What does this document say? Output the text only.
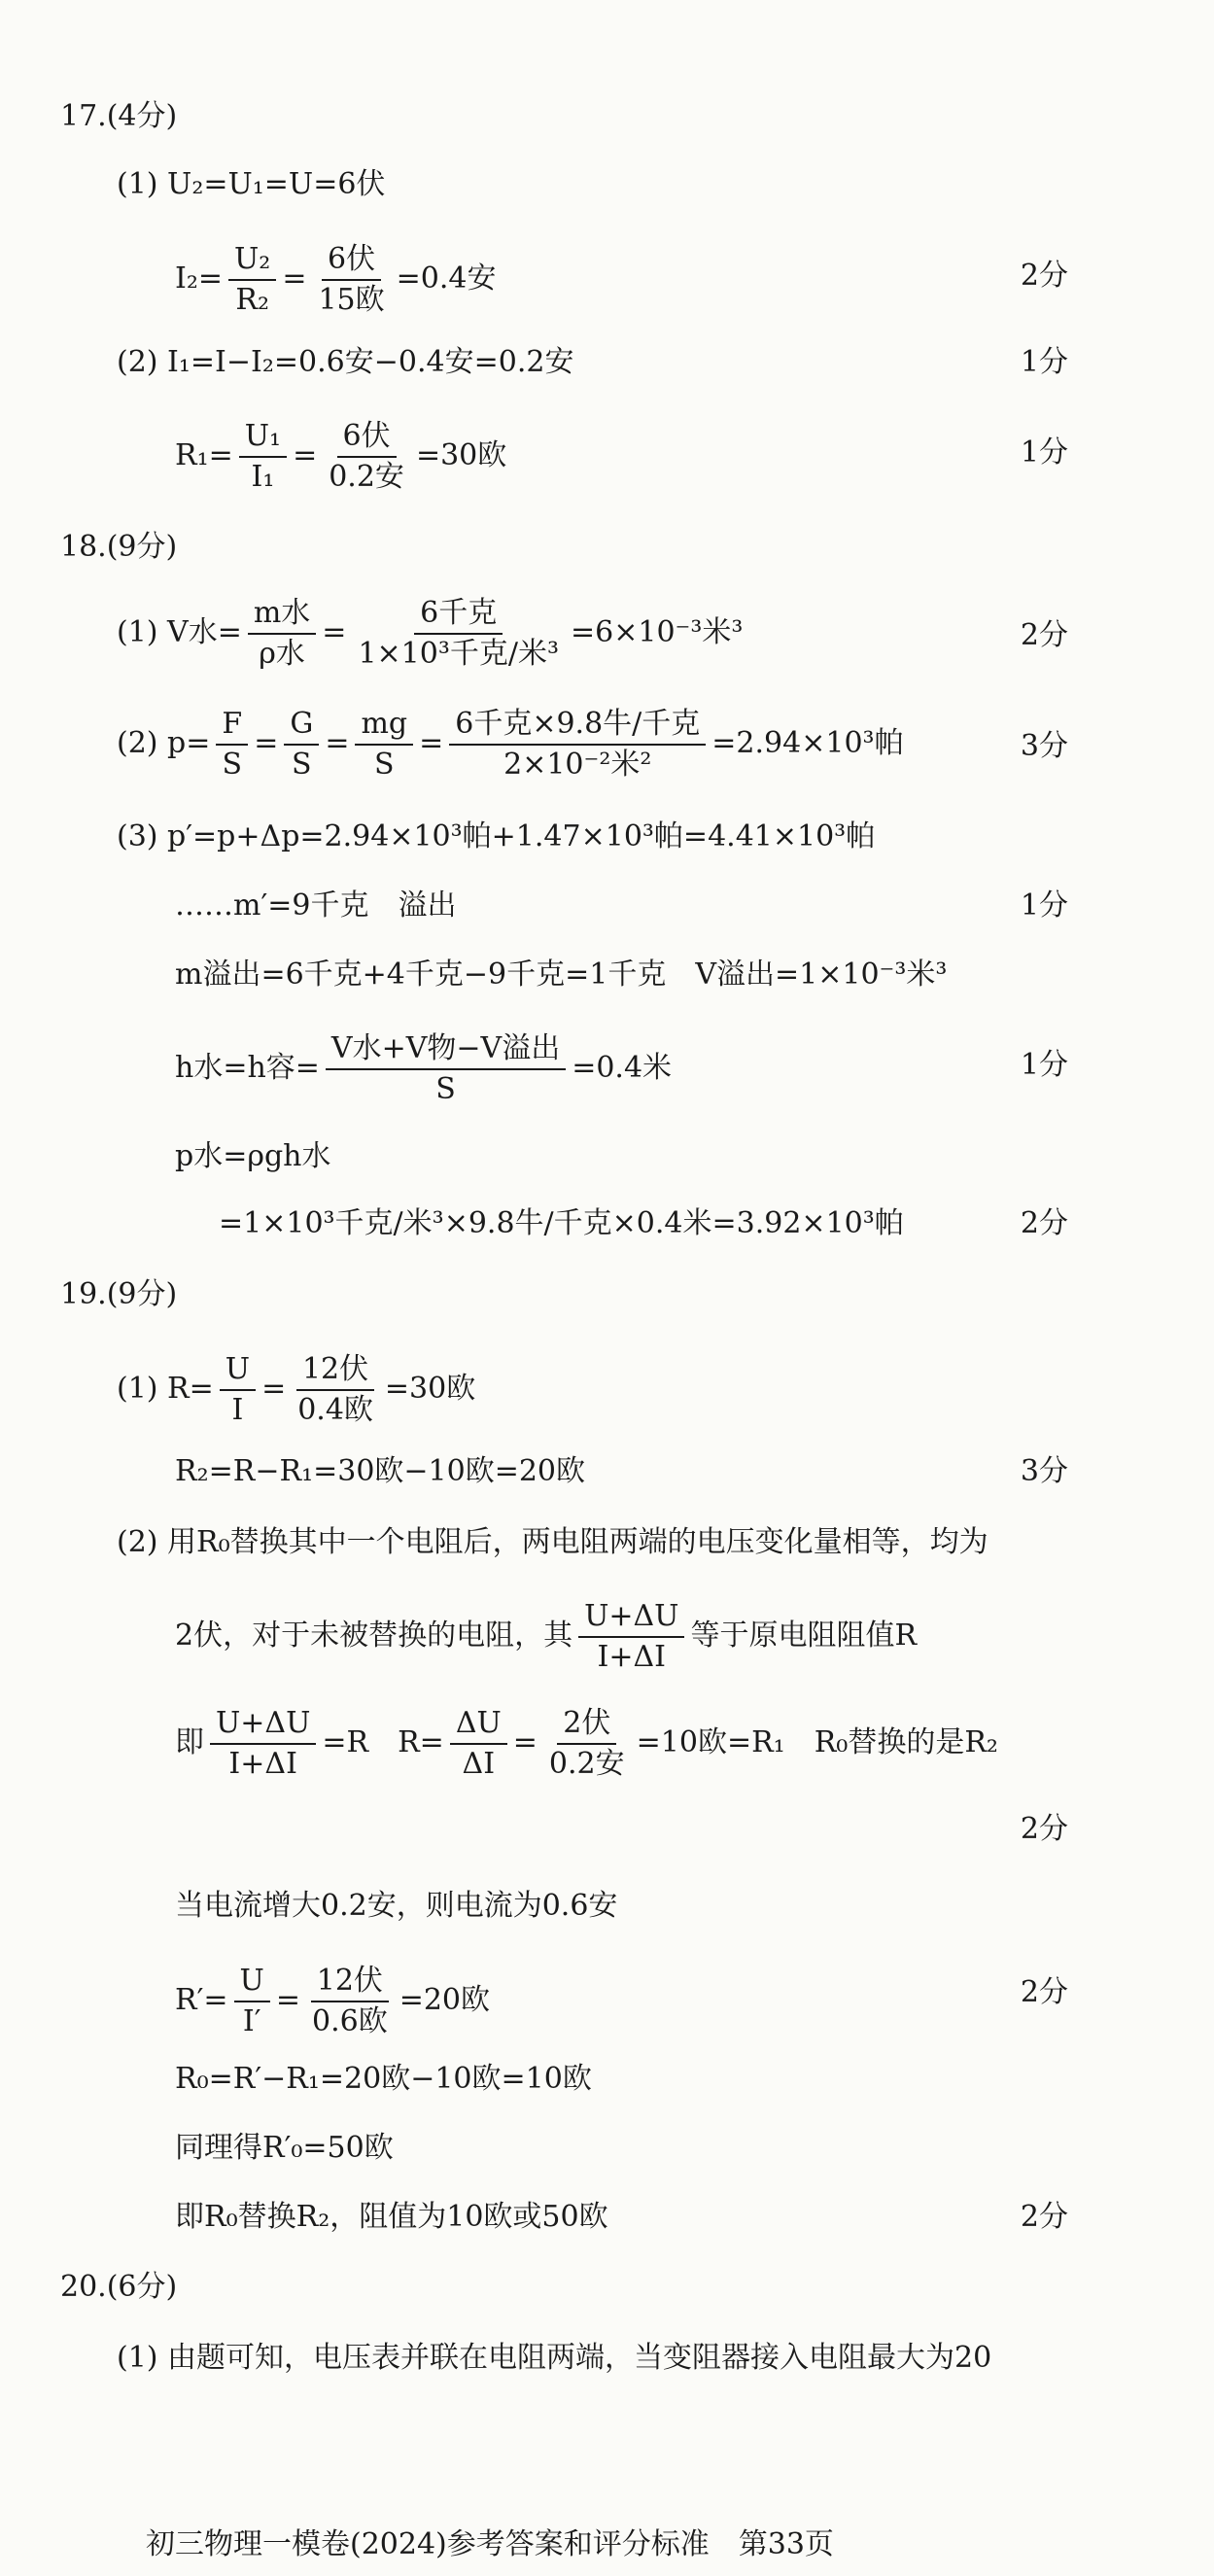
17.(4分)
(1) U₂=U₁=U=6伏
$I_2= \frac{\text{U₂}}{\text{R₂}} = \frac{\text{6伏}}{\text{15欧}} =0.4$安	2分
(2) I₁=I−I₂=0.6安−0.4安=0.2安	1分
$R_1= \frac{\text{U₁}}{\text{I₁}} = \frac{\text{6伏}}{\text{0.2安}} =30$欧	1分
18.(9分)
(1) V水= $\frac{\text{m水}}{\text{ρ水}} = \frac{\text{6千克}}{\text{1×10³千克/米³}} =6\times 10^{-3}$米³	2分
(2) $p= \frac{F}{S} = \frac{G}{S} = \frac{mg}{S} = \frac{\text{6千克×9.8牛/千克}}{\text{2×10⁻²米²}} =2.94\times 10^3$帕	3分
(3) p′=p+Δp=2.94×10³帕+1.47×10³帕=4.41×10³帕
……m′=9千克　溢出	1分
m溢出=6千克+4千克−9千克=1千克　V溢出=1×10⁻³米³
h水=h容= $\frac{\text{V水+V物−V溢出}}{S} =0.4$米	1分
p水=ρgh水
=1×10³千克/米³×9.8牛/千克×0.4米=3.92×10³帕	2分
19.(9分)
(1) $R= \frac{U}{I} = \frac{\text{12伏}}{\text{0.4欧}} =30$欧
R₂=R−R₁=30欧−10欧=20欧	3分
(2) 用R₀替换其中一个电阻后，两电阻两端的电压变化量相等，均为
2伏，对于未被替换的电阻，其 $\frac{U+\Delta U}{I+\Delta I}$ 等于原电阻阻值R
即 $\frac{U+\Delta U}{I+\Delta I} =R$　$R= \frac{\Delta U}{\Delta I} = \frac{\text{2伏}}{\text{0.2安}} =10$欧=R₁　R₀替换的是R₂
2分
当电流增大0.2安，则电流为0.6安
$R'= \frac{U}{I'} = \frac{\text{12伏}}{\text{0.6欧}} =20$欧	2分
R₀=R′−R₁=20欧−10欧=10欧
同理得R′₀=50欧
即R₀替换R₂，阻值为10欧或50欧	2分
20.(6分)
(1) 由题可知，电压表并联在电阻两端，当变阻器接入电阻最大为20
初三物理一模卷(2024)参考答案和评分标准　第33页
